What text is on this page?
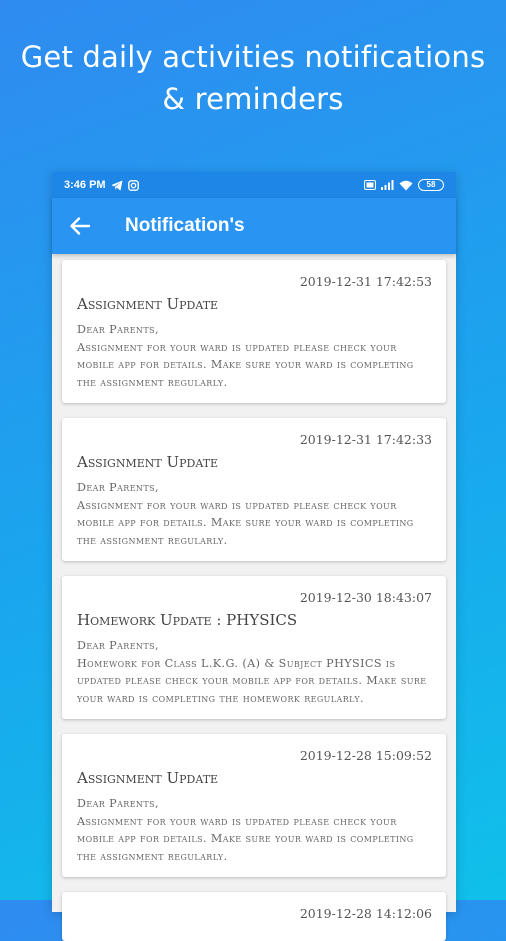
Get daily activities notifications
& reminders
3:46 PM	58
Notification's
2019-12-31 17:42:53
Assignment Update
Dear Parents,
Assignment for your ward is updated please check your mobile app for details. Make sure your ward is completing the assignment regularly.
2019-12-31 17:42:33
Assignment Update
Dear Parents,
Assignment for your ward is updated please check your mobile app for details. Make sure your ward is completing the assignment regularly.
2019-12-30 18:43:07
Homework Update : PHYSICS
Dear Parents,
Homework for Class L.K.G. (A) & Subject PHYSICS is updated please check your mobile app for details. Make sure your ward is completing the homework regularly.
2019-12-28 15:09:52
Assignment Update
Dear Parents,
Assignment for your ward is updated please check your mobile app for details. Make sure your ward is completing the assignment regularly.
2019-12-28 14:12:06
